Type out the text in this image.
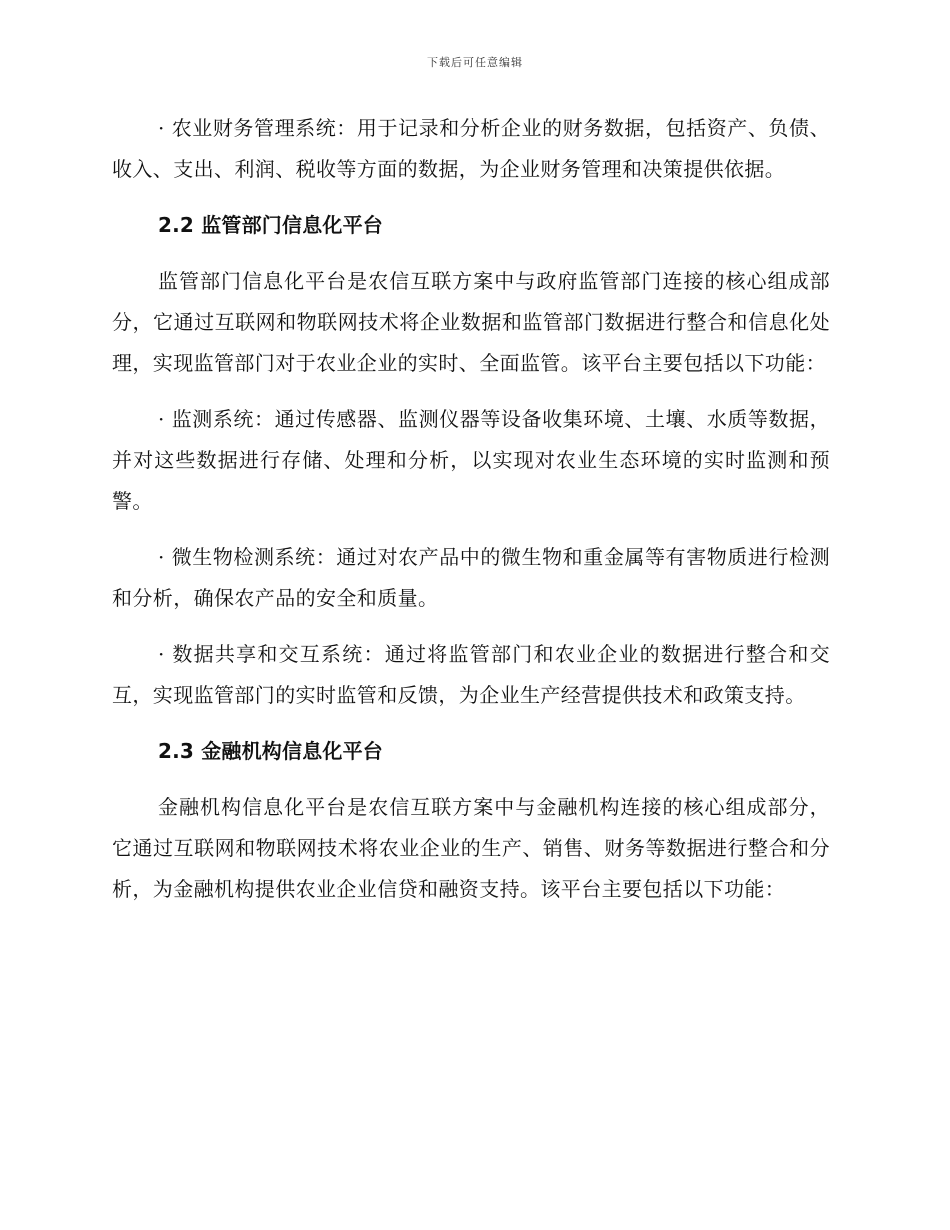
下载后可任意编辑

· 农业财务管理系统：用于记录和分析企业的财务数据，包括资产、负债、收入、支出、利润、税收等方面的数据，为企业财务管理和决策提供依据。

2.2 监管部门信息化平台

监管部门信息化平台是农信互联方案中与政府监管部门连接的核心组成部分，它通过互联网和物联网技术将企业数据和监管部门数据进行整合和信息化处理，实现监管部门对于农业企业的实时、全面监管。该平台主要包括以下功能：

· 监测系统：通过传感器、监测仪器等设备收集环境、土壤、水质等数据，并对这些数据进行存储、处理和分析，以实现对农业生态环境的实时监测和预警。

· 微生物检测系统：通过对农产品中的微生物和重金属等有害物质进行检测和分析，确保农产品的安全和质量。

· 数据共享和交互系统：通过将监管部门和农业企业的数据进行整合和交互，实现监管部门的实时监管和反馈，为企业生产经营提供技术和政策支持。

2.3 金融机构信息化平台

金融机构信息化平台是农信互联方案中与金融机构连接的核心组成部分，它通过互联网和物联网技术将农业企业的生产、销售、财务等数据进行整合和分析，为金融机构提供农业企业信贷和融资支持。该平台主要包括以下功能：
